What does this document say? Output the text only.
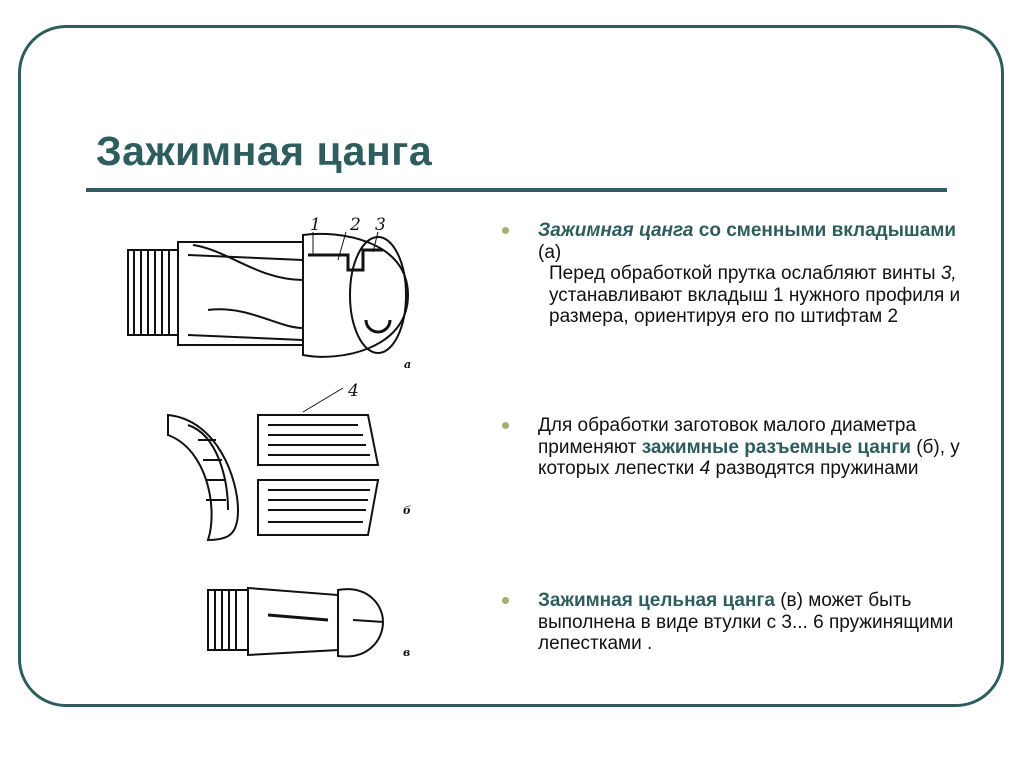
Зажимная цанга
1 2 3
а
4
б
в
Зажимная цанга со сменными вкладышами (а)
Перед обработкой прутка ослабляют винты 3, устанавливают вкладыш 1 нужного профиля и размера, ориентируя его по штифтам 2
Для обработки заготовок малого диаметра применяют зажимные разъемные цанги (б), у которых лепестки 4 разводятся пружинами
Зажимная цельная цанга (в) может быть выполнена в виде втулки с 3... 6 пружинящими лепестками .
